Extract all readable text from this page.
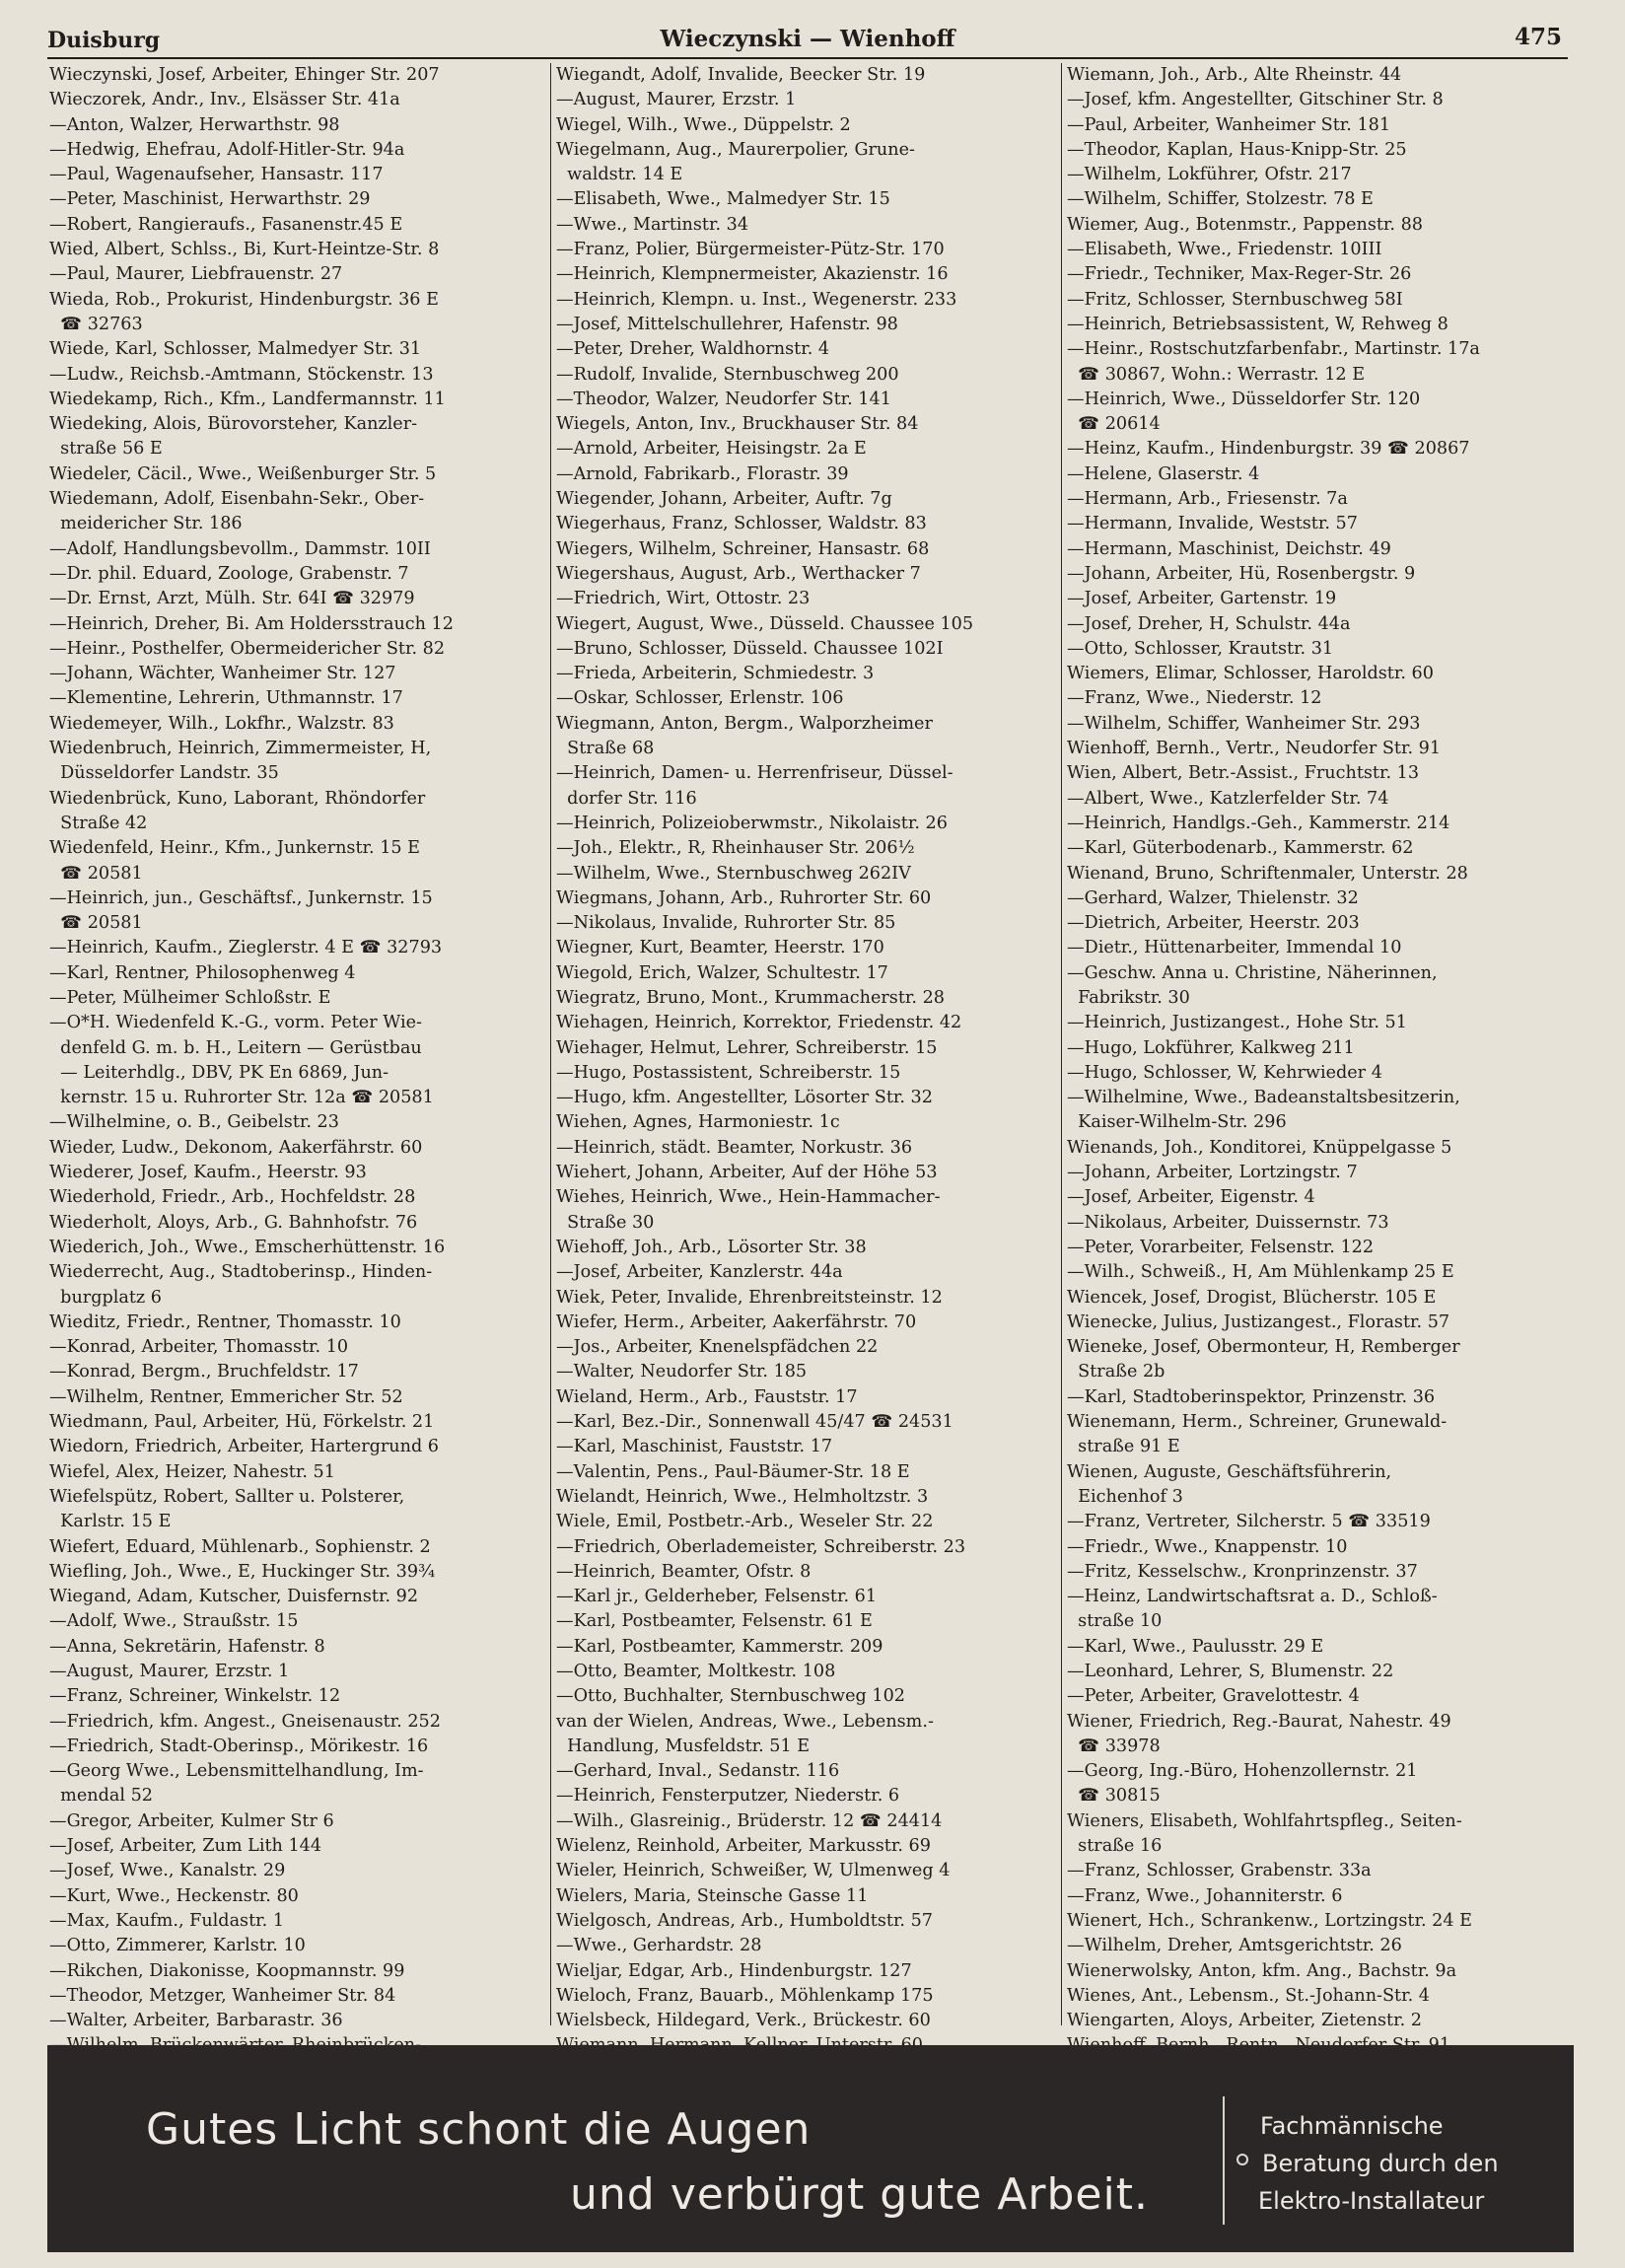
Duisburg	Wieczynski — Wienhoff	475
Wieczynski, Josef, Arbeiter, Ehinger Str. 207
Wieczorek, Andr., Inv., Elsässer Str. 41a
—Anton, Walzer, Herwarthstr. 98
—Hedwig, Ehefrau, Adolf-Hitler-Str. 94a
—Paul, Wagenaufseher, Hansastr. 117
—Peter, Maschinist, Herwarthstr. 29
—Robert, Rangieraufs., Fasanenstr.45 E
Wied, Albert, Schlss., Bi, Kurt-Heintze-Str. 8
—Paul, Maurer, Liebfrauenstr. 27
Wieda, Rob., Prokurist, Hindenburgstr. 36 E
☎ 32763
Wiede, Karl, Schlosser, Malmedyer Str. 31
—Ludw., Reichsb.-Amtmann, Stöckenstr. 13
Wiedekamp, Rich., Kfm., Landfermannstr. 11
Wiedeking, Alois, Bürovorsteher, Kanzler-
straße 56 E
Wiedeler, Cäcil., Wwe., Weißenburger Str. 5
Wiedemann, Adolf, Eisenbahn-Sekr., Ober-
meidericher Str. 186
—Adolf, Handlungsbevollm., Dammstr. 10II
—Dr. phil. Eduard, Zoologe, Grabenstr. 7
—Dr. Ernst, Arzt, Mülh. Str. 64I ☎ 32979
—Heinrich, Dreher, Bi. Am Holdersstrauch 12
—Heinr., Posthelfer, Obermeidericher Str. 82
—Johann, Wächter, Wanheimer Str. 127
—Klementine, Lehrerin, Uthmannstr. 17
Wiedemeyer, Wilh., Lokfhr., Walzstr. 83
Wiedenbruch, Heinrich, Zimmermeister, H,
Düsseldorfer Landstr. 35
Wiedenbrück, Kuno, Laborant, Rhöndorfer
Straße 42
Wiedenfeld, Heinr., Kfm., Junkernstr. 15 E
☎ 20581
—Heinrich, jun., Geschäftsf., Junkernstr. 15
☎ 20581
—Heinrich, Kaufm., Zieglerstr. 4 E ☎ 32793
—Karl, Rentner, Philosophenweg 4
—Peter, Mülheimer Schloßstr. E
—O*H. Wiedenfeld K.-G., vorm. Peter Wie-
denfeld G. m. b. H., Leitern — Gerüstbau
— Leiterhdlg., DBV, PK En 6869, Jun-
kernstr. 15 u. Ruhrorter Str. 12a ☎ 20581
—Wilhelmine, o. B., Geibelstr. 23
Wieder, Ludw., Dekonom, Aakerfährstr. 60
Wiederer, Josef, Kaufm., Heerstr. 93
Wiederhold, Friedr., Arb., Hochfeldstr. 28
Wiederholt, Aloys, Arb., G. Bahnhofstr. 76
Wiederich, Joh., Wwe., Emscherhüttenstr. 16
Wiederrecht, Aug., Stadtoberinsp., Hinden-
burgplatz 6
Wieditz, Friedr., Rentner, Thomasstr. 10
—Konrad, Arbeiter, Thomasstr. 10
—Konrad, Bergm., Bruchfeldstr. 17
—Wilhelm, Rentner, Emmericher Str. 52
Wiedmann, Paul, Arbeiter, Hü, Förkelstr. 21
Wiedorn, Friedrich, Arbeiter, Hartergrund 6
Wiefel, Alex, Heizer, Nahestr. 51
Wiefelspütz, Robert, Sallter u. Polsterer,
Karlstr. 15 E
Wiefert, Eduard, Mühlenarb., Sophienstr. 2
Wiefling, Joh., Wwe., E, Huckinger Str. 39¾
Wiegand, Adam, Kutscher, Duisfernstr. 92
—Adolf, Wwe., Straußstr. 15
—Anna, Sekretärin, Hafenstr. 8
—August, Maurer, Erzstr. 1
—Franz, Schreiner, Winkelstr. 12
—Friedrich, kfm. Angest., Gneisenaustr. 252
—Friedrich, Stadt-Oberinsp., Mörikestr. 16
—Georg Wwe., Lebensmittelhandlung, Im-
mendal 52
—Gregor, Arbeiter, Kulmer Str 6
—Josef, Arbeiter, Zum Lith 144
—Josef, Wwe., Kanalstr. 29
—Kurt, Wwe., Heckenstr. 80
—Max, Kaufm., Fuldastr. 1
—Otto, Zimmerer, Karlstr. 10
—Rikchen, Diakonisse, Koopmannstr. 99
—Theodor, Metzger, Wanheimer Str. 84
—Walter, Arbeiter, Barbarastr. 36
Wiegandt, Adolf, Invalide, Beecker Str. 19
—August, Maurer, Erzstr. 1
Wiegel, Wilh., Wwe., Düppelstr. 2
Wiegelmann, Aug., Maurerpolier, Grune-
waldstr. 14 E
—Elisabeth, Wwe., Malmedyer Str. 15
—Wwe., Martinstr. 34
—Franz, Polier, Bürgermeister-Pütz-Str. 170
—Heinrich, Klempnermeister, Akazienstr. 16
—Heinrich, Klempn. u. Inst., Wegenerstr. 233
—Josef, Mittelschullehrer, Hafenstr. 98
—Peter, Dreher, Waldhornstr. 4
—Rudolf, Invalide, Sternbuschweg 200
—Theodor, Walzer, Neudorfer Str. 141
Wiegels, Anton, Inv., Bruckhauser Str. 84
—Arnold, Arbeiter, Heisingstr. 2a E
—Arnold, Fabrikarb., Florastr. 39
Wiegender, Johann, Arbeiter, Auftr. 7g
Wiegerhaus, Franz, Schlosser, Waldstr. 83
Wiegers, Wilhelm, Schreiner, Hansastr. 68
Wiegershaus, August, Arb., Werthacker 7
—Friedrich, Wirt, Ottostr. 23
Wiegert, August, Wwe., Düsseld. Chaussee 105
—Bruno, Schlosser, Düsseld. Chaussee 102I
—Frieda, Arbeiterin, Schmiedestr. 3
—Oskar, Schlosser, Erlenstr. 106
Wiegmann, Anton, Bergm., Walporzheimer
Straße 68
—Heinrich, Damen- u. Herrenfriseur, Düssel-
dorfer Str. 116
—Heinrich, Polizeioberwmstr., Nikolaistr. 26
—Joh., Elektr., R, Rheinhauser Str. 206½
—Wilhelm, Wwe., Sternbuschweg 262IV
Wiegmans, Johann, Arb., Ruhrorter Str. 60
—Nikolaus, Invalide, Ruhrorter Str. 85
Wiegner, Kurt, Beamter, Heerstr. 170
Wiegold, Erich, Walzer, Schultestr. 17
Wiegratz, Bruno, Mont., Krummacherstr. 28
Wiehagen, Heinrich, Korrektor, Friedenstr. 42
Wiehager, Helmut, Lehrer, Schreiberstr. 15
—Hugo, Postassistent, Schreiberstr. 15
—Hugo, kfm. Angestellter, Lösorter Str. 32
Wiehen, Agnes, Harmoniestr. 1c
—Heinrich, städt. Beamter, Norkustr. 36
Wiehert, Johann, Arbeiter, Auf der Höhe 53
Wiehes, Heinrich, Wwe., Hein-Hammacher-
Straße 30
Wiehoff, Joh., Arb., Lösorter Str. 38
—Josef, Arbeiter, Kanzlerstr. 44a
Wiek, Peter, Invalide, Ehrenbreitsteinstr. 12
Wiefer, Herm., Arbeiter, Aakerfährstr. 70
—Jos., Arbeiter, Knenelspfädchen 22
—Walter, Neudorfer Str. 185
Wieland, Herm., Arb., Fauststr. 17
—Karl, Bez.-Dir., Sonnenwall 45/47 ☎ 24531
—Karl, Maschinist, Fauststr. 17
—Valentin, Pens., Paul-Bäumer-Str. 18 E
Wielandt, Heinrich, Wwe., Helmholtzstr. 3
Wiele, Emil, Postbetr.-Arb., Weseler Str. 22
—Friedrich, Oberlademeister, Schreiberstr. 23
—Heinrich, Beamter, Ofstr. 8
—Karl jr., Gelderheber, Felsenstr. 61
—Karl, Postbeamter, Felsenstr. 61 E
—Karl, Postbeamter, Kammerstr. 209
—Otto, Beamter, Moltkestr. 108
—Otto, Buchhalter, Sternbuschweg 102
van der Wielen, Andreas, Wwe., Lebensm.-
Handlung, Musfeldstr. 51 E
—Gerhard, Inval., Sedanstr. 116
—Heinrich, Fensterputzer, Niederstr. 6
—Wilh., Glasreinig., Brüderstr. 12 ☎ 24414
Wielenz, Reinhold, Arbeiter, Markusstr. 69
Wieler, Heinrich, Schweißer, W, Ulmenweg 4
Wielers, Maria, Steinsche Gasse 11
Wielgosch, Andreas, Arb., Humboldtstr. 57
—Wwe., Gerhardstr. 28
Wieljar, Edgar, Arb., Hindenburgstr. 127
Wieloch, Franz, Bauarb., Möhlenkamp 175
Wielsbeck, Hildegard, Verk., Brückestr. 60
Wiemann, Joh., Arb., Alte Rheinstr. 44
—Josef, kfm. Angestellter, Gitschiner Str. 8
—Paul, Arbeiter, Wanheimer Str. 181
—Theodor, Kaplan, Haus-Knipp-Str. 25
—Wilhelm, Lokführer, Ofstr. 217
—Wilhelm, Schiffer, Stolzestr. 78 E
Wiemer, Aug., Botenmstr., Pappenstr. 88
—Elisabeth, Wwe., Friedenstr. 10III
—Friedr., Techniker, Max-Reger-Str. 26
—Fritz, Schlosser, Sternbuschweg 58I
—Heinrich, Betriebsassistent, W, Rehweg 8
—Heinr., Rostschutzfarbenfabr., Martinstr. 17a
☎ 30867, Wohn.: Werrastr. 12 E
—Heinrich, Wwe., Düsseldorfer Str. 120
☎ 20614
—Heinz, Kaufm., Hindenburgstr. 39 ☎ 20867
—Helene, Glaserstr. 4
—Hermann, Arb., Friesenstr. 7a
—Hermann, Invalide, Weststr. 57
—Hermann, Maschinist, Deichstr. 49
—Johann, Arbeiter, Hü, Rosenbergstr. 9
—Josef, Arbeiter, Gartenstr. 19
—Josef, Dreher, H, Schulstr. 44a
—Otto, Schlosser, Krautstr. 31
Wiemers, Elimar, Schlosser, Haroldstr. 60
—Franz, Wwe., Niederstr. 12
—Wilhelm, Schiffer, Wanheimer Str. 293
Wienhoff, Bernh., Vertr., Neudorfer Str. 91
Wien, Albert, Betr.-Assist., Fruchtstr. 13
—Albert, Wwe., Katzlerfelder Str. 74
—Heinrich, Handlgs.-Geh., Kammerstr. 214
—Karl, Güterbodenarb., Kammerstr. 62
Wienand, Bruno, Schriftenmaler, Unterstr. 28
—Gerhard, Walzer, Thielenstr. 32
—Dietrich, Arbeiter, Heerstr. 203
—Dietr., Hüttenarbeiter, Immendal 10
—Geschw. Anna u. Christine, Näherinnen,
Fabrikstr. 30
—Heinrich, Justizangest., Hohe Str. 51
—Hugo, Lokführer, Kalkweg 211
—Hugo, Schlosser, W, Kehrwieder 4
—Wilhelmine, Wwe., Badeanstaltsbesitzerin,
Kaiser-Wilhelm-Str. 296
Wienands, Joh., Konditorei, Knüppelgasse 5
—Johann, Arbeiter, Lortzingstr. 7
—Josef, Arbeiter, Eigenstr. 4
—Nikolaus, Arbeiter, Duissernstr. 73
—Peter, Vorarbeiter, Felsenstr. 122
—Wilh., Schweiß., H, Am Mühlenkamp 25 E
Wiencek, Josef, Drogist, Blücherstr. 105 E
Wienecke, Julius, Justizangest., Florastr. 57
Wieneke, Josef, Obermonteur, H, Remberger
Straße 2b
—Karl, Stadtoberinspektor, Prinzenstr. 36
Wienemann, Herm., Schreiner, Grunewald-
straße 91 E
Wienen, Auguste, Geschäftsführerin,
Eichenhof 3
—Franz, Vertreter, Silcherstr. 5 ☎ 33519
—Friedr., Wwe., Knappenstr. 10
—Fritz, Kesselschw., Kronprinzenstr. 37
—Heinz, Landwirtschaftsrat a. D., Schloß-
straße 10
—Karl, Wwe., Paulusstr. 29 E
—Leonhard, Lehrer, S, Blumenstr. 22
—Peter, Arbeiter, Gravelottestr. 4
Wiener, Friedrich, Reg.-Baurat, Nahestr. 49
☎ 33978
—Georg, Ing.-Büro, Hohenzollernstr. 21
☎ 30815
Wieners, Elisabeth, Wohlfahrtspfleg., Seiten-
straße 16
—Franz, Schlosser, Grabenstr. 33a
—Franz, Wwe., Johanniterstr. 6
Wienert, Hch., Schrankenw., Lortzingstr. 24 E
—Wilhelm, Dreher, Amtsgerichtstr. 26
Wienerwolsky, Anton, kfm. Ang., Bachstr. 9a
Wienes, Ant., Lebensm., St.-Johann-Str. 4
Wiengarten, Aloys, Arbeiter, Zietenstr. 2
Gutes Licht schont die Augen
und verbürgt gute Arbeit.
Fachmännische
Beratung durch den
Elektro-Installateur
